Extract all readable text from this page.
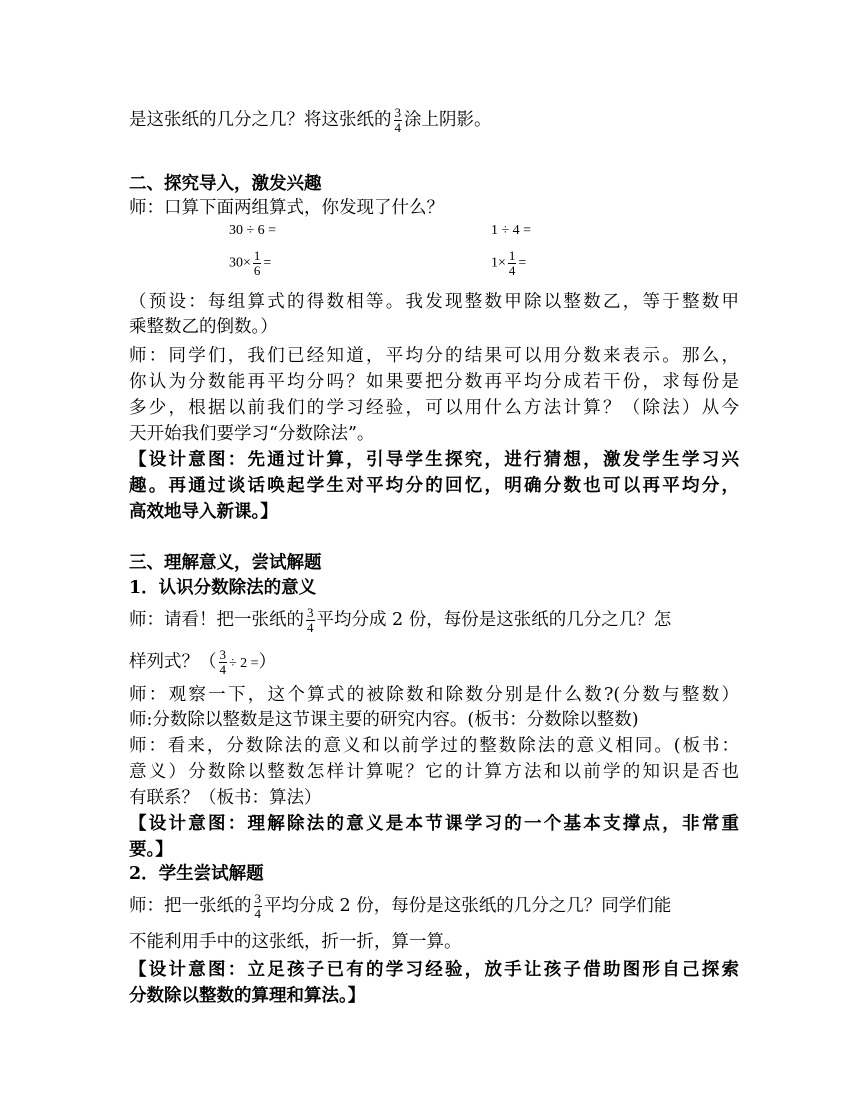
是这张纸的几分之几？将这张纸的 $\frac{3}{4}$ 涂上阴影。
二、探究导入，激发兴趣
师：口算下面两组算式，你发现了什么？
30 ÷ 6 =	1 ÷ 4 =
$30\times \frac{1}{6}$ =	$1\times \frac{1}{4}$ =
（预设：每组算式的得数相等。我发现整数甲除以整数乙，等于整数甲
乘整数乙的倒数。）
师：同学们，我们已经知道，平均分的结果可以用分数来表示。那么，
你认为分数能再平均分吗？如果要把分数再平均分成若干份，求每份是
多少，根据以前我们的学习经验，可以用什么方法计算？（除法）从今
天开始我们要学习“分数除法”。
【设计意图：先通过计算，引导学生探究，进行猜想，激发学生学习兴
趣。再通过谈话唤起学生对平均分的回忆，明确分数也可以再平均分，
高效地导入新课。】
三、理解意义，尝试解题
1．认识分数除法的意义
师：请看！把一张纸的 $\frac{3}{4}$ 平均分成 2 份，每份是这张纸的几分之几？怎
样列式？（ $\frac{3}{4} \div 2$ =）
师：观察一下，这个算式的被除数和除数分别是什么数?(分数与整数）
师:分数除以整数是这节课主要的研究内容。(板书：分数除以整数)
师：看来，分数除法的意义和以前学过的整数除法的意义相同。(板书：
意义）分数除以整数怎样计算呢？它的计算方法和以前学的知识是否也
有联系？（板书：算法）
【设计意图：理解除法的意义是本节课学习的一个基本支撑点，非常重
要。】
2．学生尝试解题
师：把一张纸的 $\frac{3}{4}$ 平均分成 2 份，每份是这张纸的几分之几？同学们能
不能利用手中的这张纸，折一折，算一算。
【设计意图：立足孩子已有的学习经验，放手让孩子借助图形自己探索
分数除以整数的算理和算法。】
